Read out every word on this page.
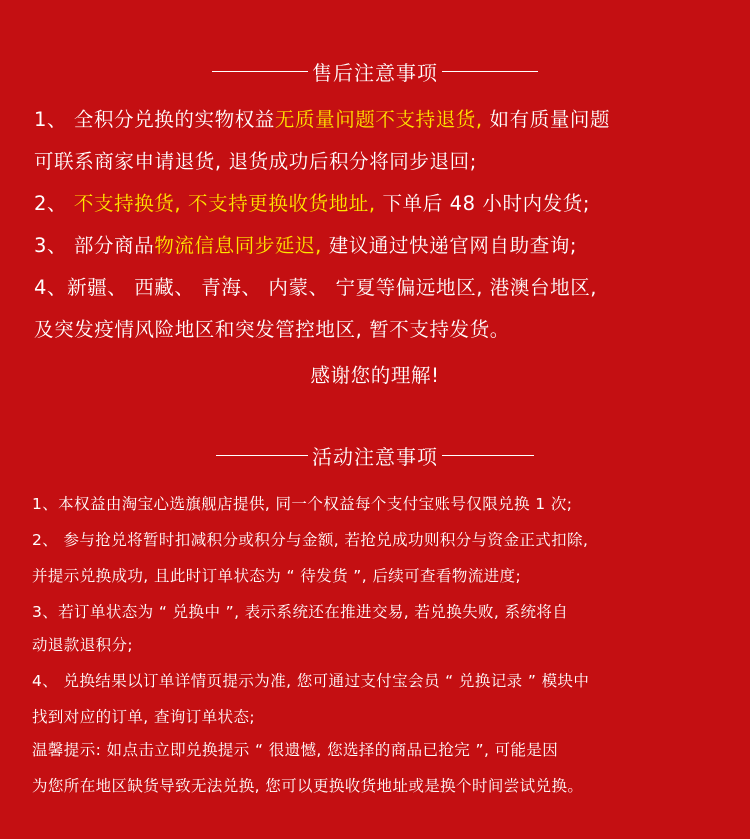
售后注意事项
1、 全积分兑换的实物权益无质量问题不支持退货, 如有质量问题
可联系商家申请退货, 退货成功后积分将同步退回;
2、 不支持换货, 不支持更换收货地址, 下单后 48 小时内发货;
3、 部分商品物流信息同步延迟, 建议通过快递官网自助查询;
4、新疆、 西藏、 青海、 内蒙、 宁夏等偏远地区, 港澳台地区,
及突发疫情风险地区和突发管控地区, 暂不支持发货。
感谢您的理解!
活动注意事项
1、本权益由淘宝心选旗舰店提供, 同一个权益每个支付宝账号仅限兑换 1 次;
2、 参与抢兑将暂时扣减积分或积分与金额, 若抢兑成功则积分与资金正式扣除,
并提示兑换成功, 且此时订单状态为 “ 待发货 ”, 后续可查看物流进度;
3、若订单状态为 “ 兑换中 ”, 表示系统还在推进交易, 若兑换失败, 系统将自
动退款退积分;
4、 兑换结果以订单详情页提示为准, 您可通过支付宝会员 “ 兑换记录 ” 模块中
找到对应的订单, 查询订单状态;
温馨提示: 如点击立即兑换提示 “ 很遗憾, 您选择的商品已抢完 ”, 可能是因
为您所在地区缺货导致无法兑换, 您可以更换收货地址或是换个时间尝试兑换。
